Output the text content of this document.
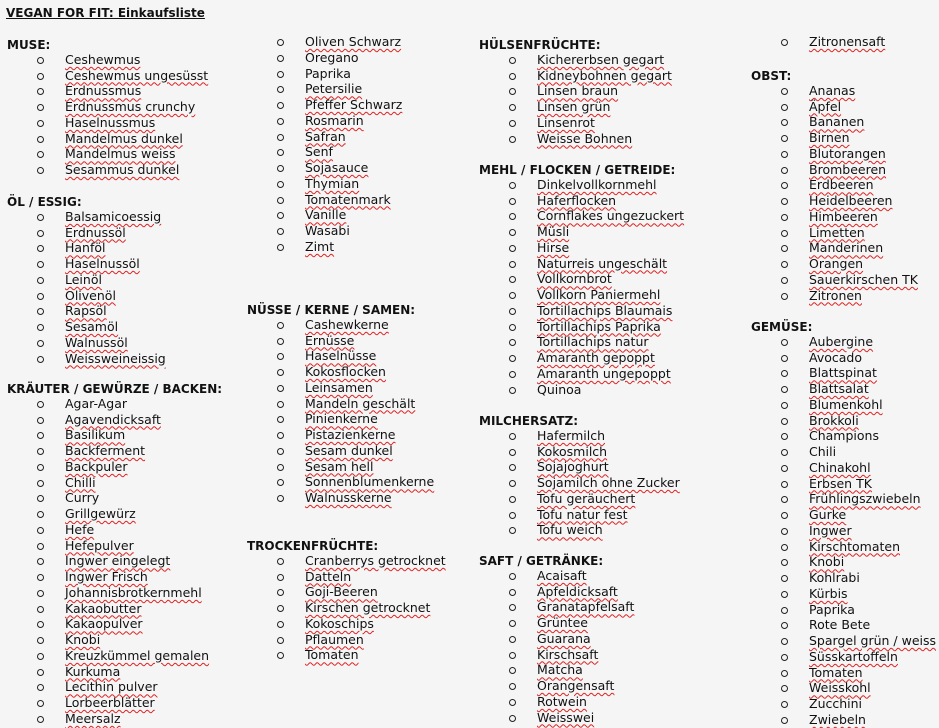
VEGAN FOR FIT: Einkaufsliste
MUSE:
Ceshewmus
Ceshewmus ungesüsst
Erdnussmus
Erdnussmus crunchy
Haselnussmus
Mandelmus dunkel
Mandelmus weiss
Sesammus dunkel
ÖL / ESSIG:
Balsamicoessig
Erdnussöl
Hanföl
Haselnussöl
Leinöl
Olivenöl
Rapsöl
Sesamöl
Walnussöl
Weissweineissig
KRÄUTER / GEWÜRZE / BACKEN:
Agar-Agar
Agavendicksaft
Basilikum
Backferment
Backpuler
Chilli
Curry
Grillgewürz
Hefe
Hefepulver
Ingwer eingelegt
Ingwer Frisch
Johannisbrotkernmehl
Kakaobutter
Kakaopulver
Knobi
Kreuzkümmel gemalen
Kurkuma
Lecithin pulver
Lorbeerblätter
Meersalz
Oliven Schwarz
Oregano
Paprika
Petersilie
Pfeffer Schwarz
Rosmarin
Safran
Senf
Sojasauce
Thymian
Tomatenmark
Vanille
Wasabi
Zimt
NÜSSE / KERNE / SAMEN:
Cashewkerne
Ernüsse
Haselnüsse
Kokosflocken
Leinsamen
Mandeln geschält
Pinienkerne
Pistazienkerne
Sesam dunkel
Sesam hell
Sonnenblumenkerne
Walnusskerne
TROCKENFRÜCHTE:
Cranberrys getrocknet
Datteln
Goji-Beeren
Kirschen getrocknet
Kokoschips
Pflaumen
Tomaten
HÜLSENFRÜCHTE:
Kichererbsen gegart
Kidneybohnen gegart
Linsen braun
Linsen grün
Linsenrot
Weisse Bohnen
MEHL / FLOCKEN / GETREIDE:
Dinkelvollkornmehl
Haferflocken
Cornflakes ungezuckert
Müsli
Hirse
Naturreis ungeschält
Vollkornbrot
Vollkorn Paniermehl
Tortillachips Blaumais
Tortillachips Paprika
Tortillachips natur
Amaranth gepoppt
Amaranth ungepoppt
Quinoa
MILCHERSATZ:
Hafermilch
Kokosmilch
Sojajoghurt
Sojamilch ohne Zucker
Tofu geräuchert
Tofu natur fest
Tofu weich
SAFT / GETRÄNKE:
Acaisaft
Apfeldicksaft
Granatapfelsaft
Grüntee
Guarana
Kirschsaft
Matcha
Orangensaft
Rotwein
Weisswei
Zitronensaft
OBST:
Ananas
Äpfel
Bananen
Birnen
Blutorangen
Brombeeren
Erdbeeren
Heidelbeeren
Himbeeren
Limetten
Manderinen
Orangen
Sauerkirschen TK
Zitronen
GEMÜSE:
Aubergine
Avocado
Blattspinat
Blattsalat
Blumenkohl
Brokkoli
Champions
Chili
Chinakohl
Erbsen TK
Frühlingszwiebeln
Gurke
Ingwer
Kirschtomaten
Knobi
Kohlrabi
Kürbis
Paprika
Rote Bete
Spargel grün / weiss
Süsskartoffeln
Tomaten
Weisskohl
Zucchini
Zwiebeln
